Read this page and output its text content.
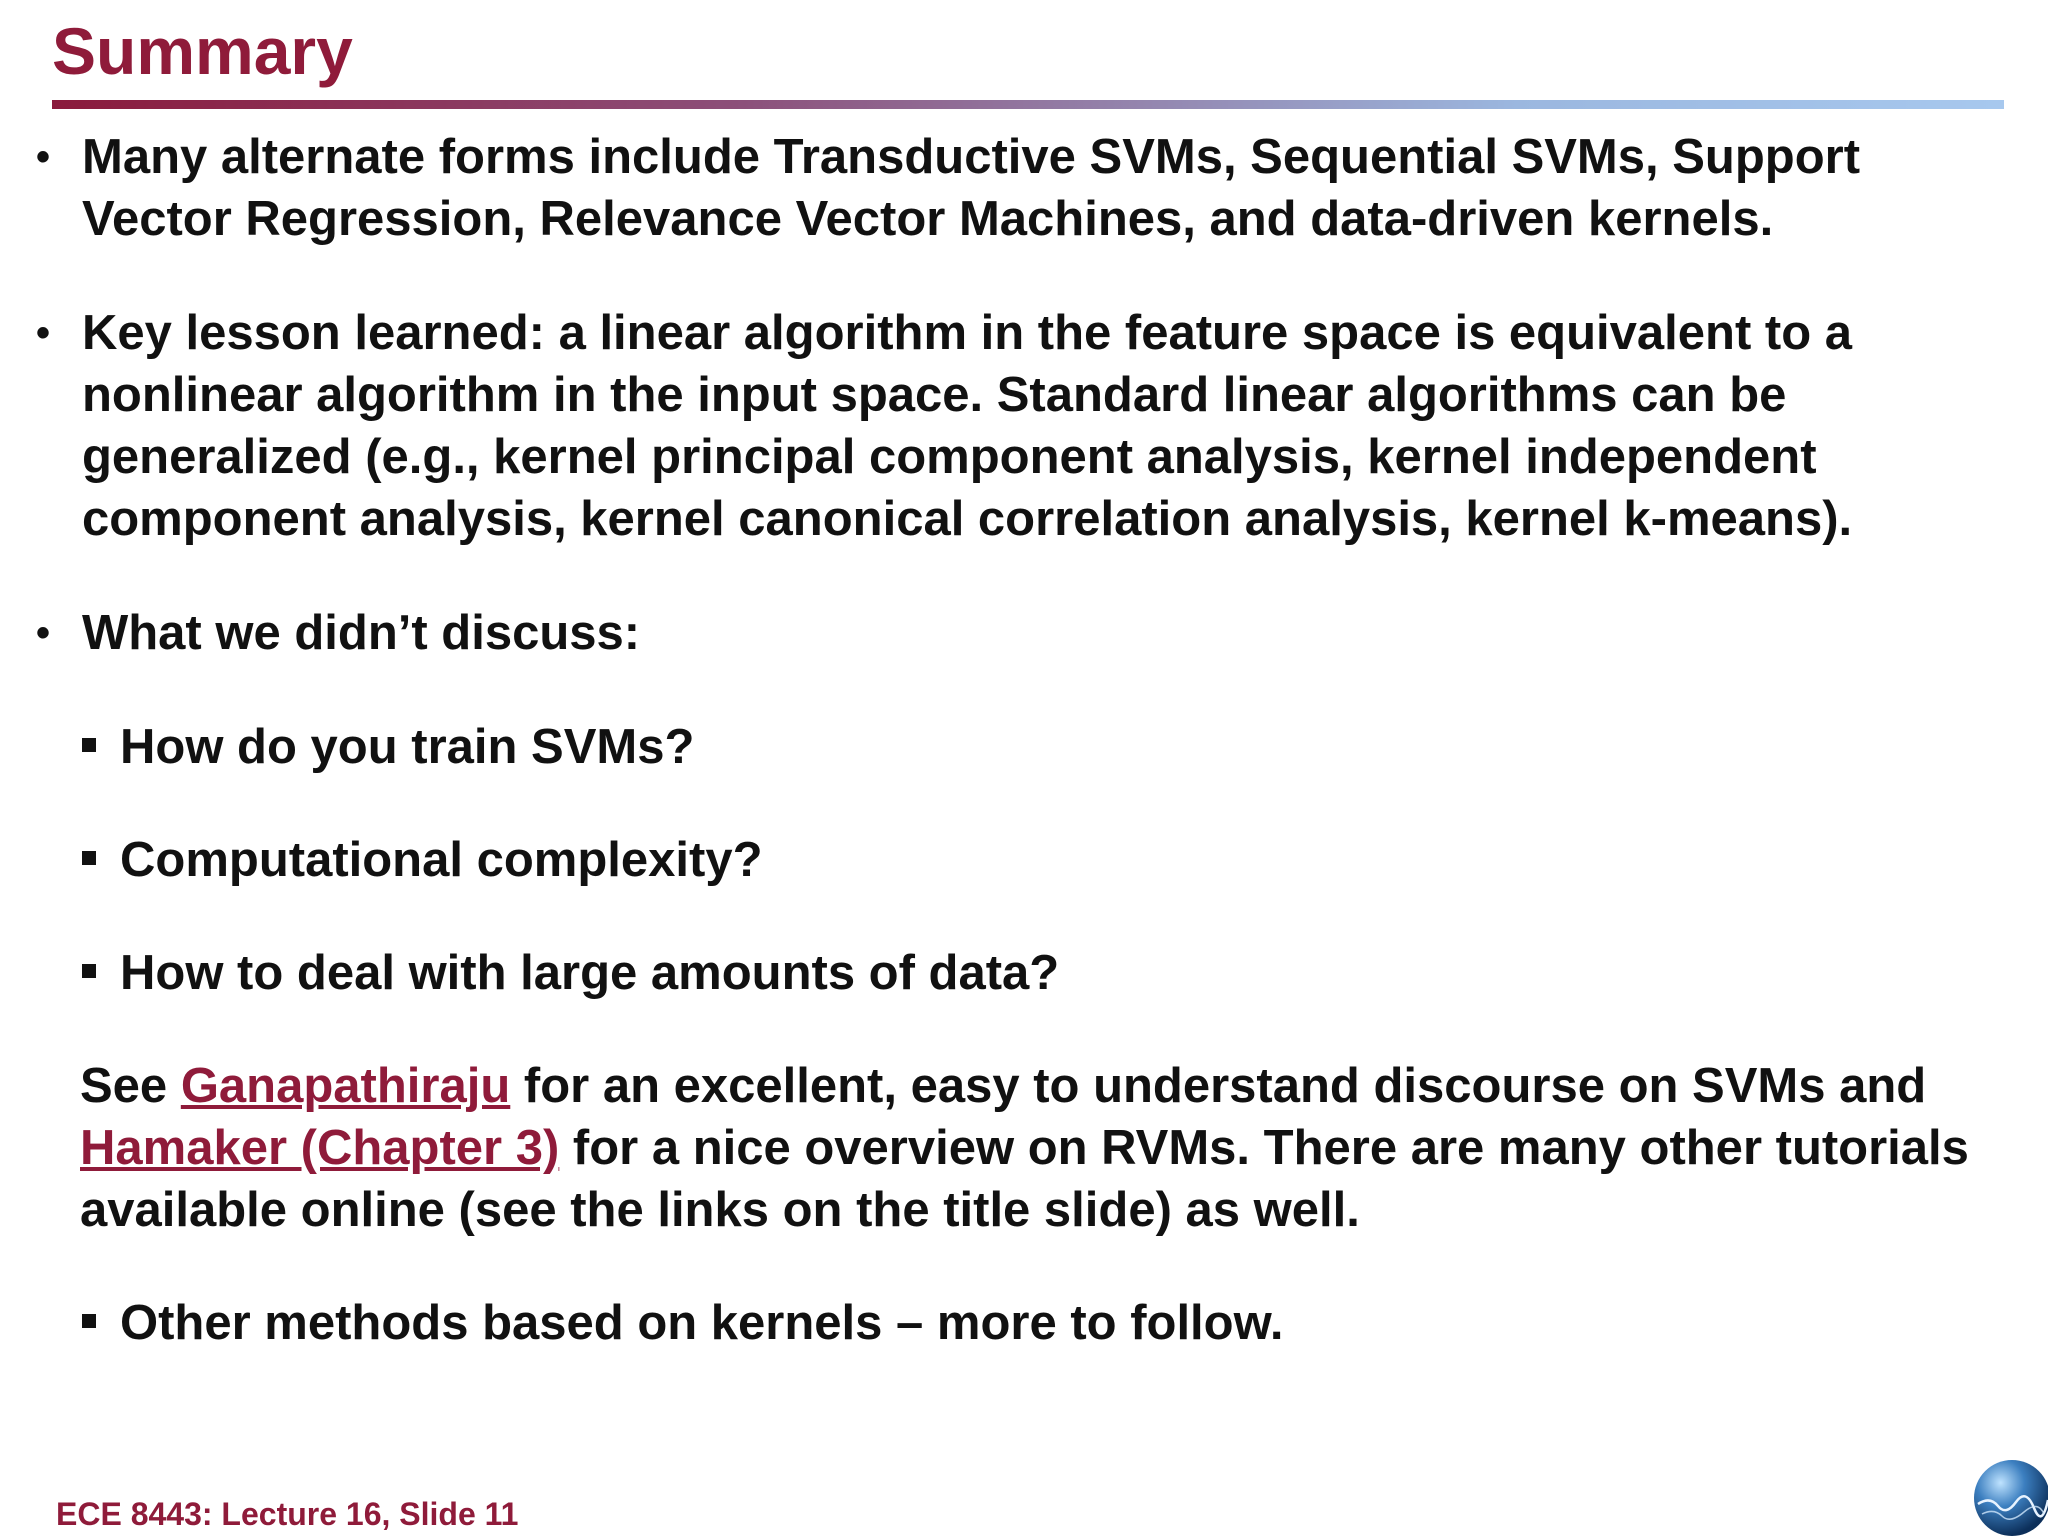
Summary
• Many alternate forms include Transductive SVMs, Sequential SVMs, Support Vector Regression, Relevance Vector Machines, and data-driven kernels.
• Key lesson learned: a linear algorithm in the feature space is equivalent to a nonlinear algorithm in the input space. Standard linear algorithms can be generalized (e.g., kernel principal component analysis, kernel independent component analysis, kernel canonical correlation analysis, kernel k-means).
• What we didn’t discuss:
How do you train SVMs?
Computational complexity?
How to deal with large amounts of data?
See Ganapathiraju for an excellent, easy to understand discourse on SVMs and Hamaker (Chapter 3) for a nice overview on RVMs. There are many other tutorials available online (see the links on the title slide) as well.
Other methods based on kernels – more to follow.
ECE 8443: Lecture 16, Slide 11
